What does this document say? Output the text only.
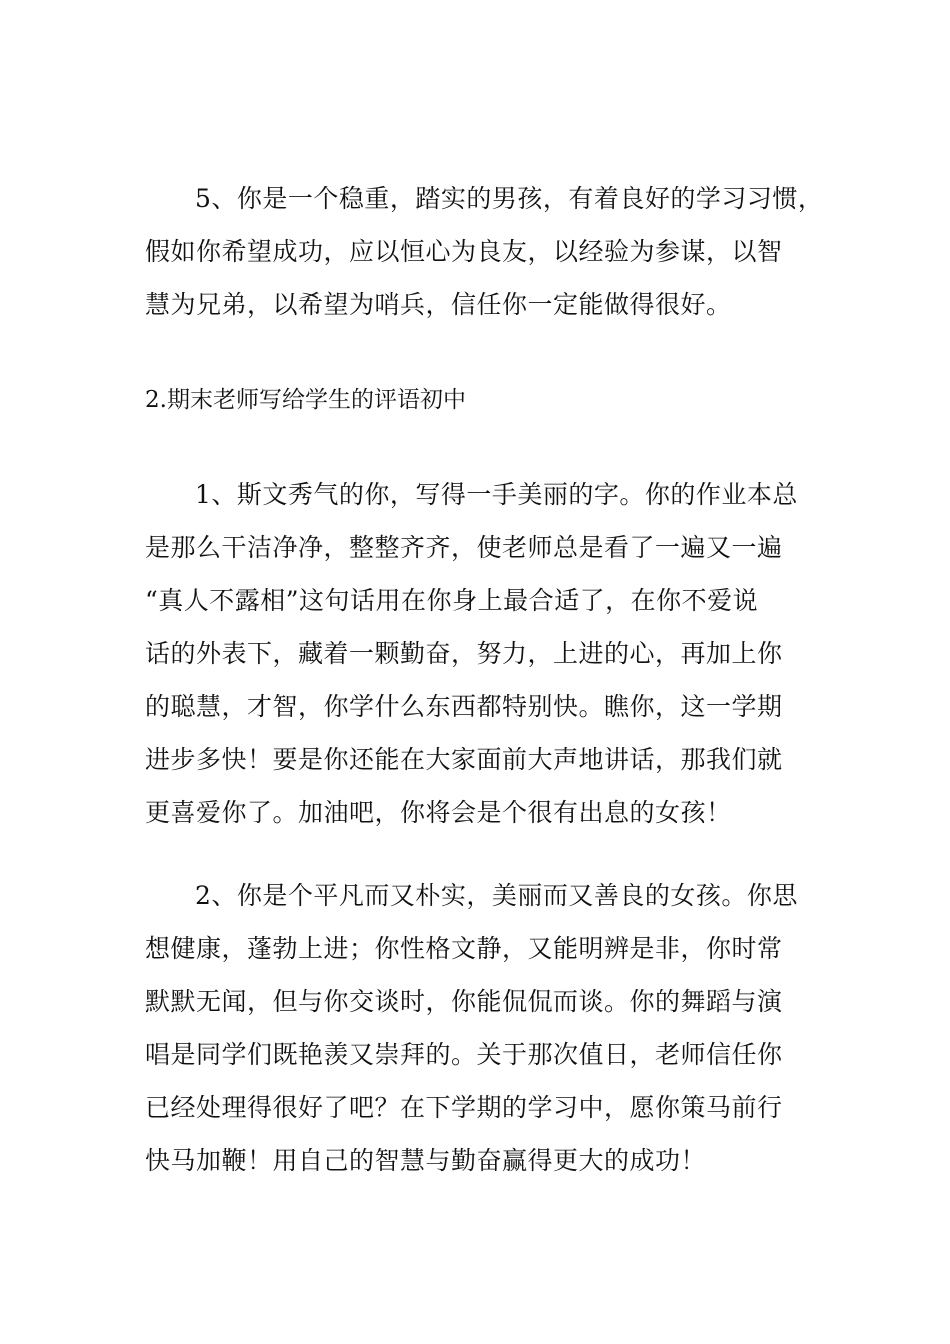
5、你是一个稳重，踏实的男孩，有着良好的学习习惯，
假如你希望成功，应以恒心为良友，以经验为参谋，以智
慧为兄弟，以希望为哨兵，信任你一定能做得很好。
2.期末老师写给学生的评语初中
1、斯文秀气的你，写得一手美丽的字。你的作业本总
是那么干洁净净，整整齐齐，使老师总是看了一遍又一遍
“真人不露相”这句话用在你身上最合适了，在你不爱说
话的外表下，藏着一颗勤奋，努力，上进的心，再加上你
的聪慧，才智，你学什么东西都特别快。瞧你，这一学期
进步多快！要是你还能在大家面前大声地讲话，那我们就
更喜爱你了。加油吧，你将会是个很有出息的女孩！
2、你是个平凡而又朴实，美丽而又善良的女孩。你思
想健康，蓬勃上进；你性格文静，又能明辨是非，你时常
默默无闻，但与你交谈时，你能侃侃而谈。你的舞蹈与演
唱是同学们既艳羡又崇拜的。关于那次值日，老师信任你
已经处理得很好了吧？在下学期的学习中，愿你策马前行
快马加鞭！用自己的智慧与勤奋赢得更大的成功！
